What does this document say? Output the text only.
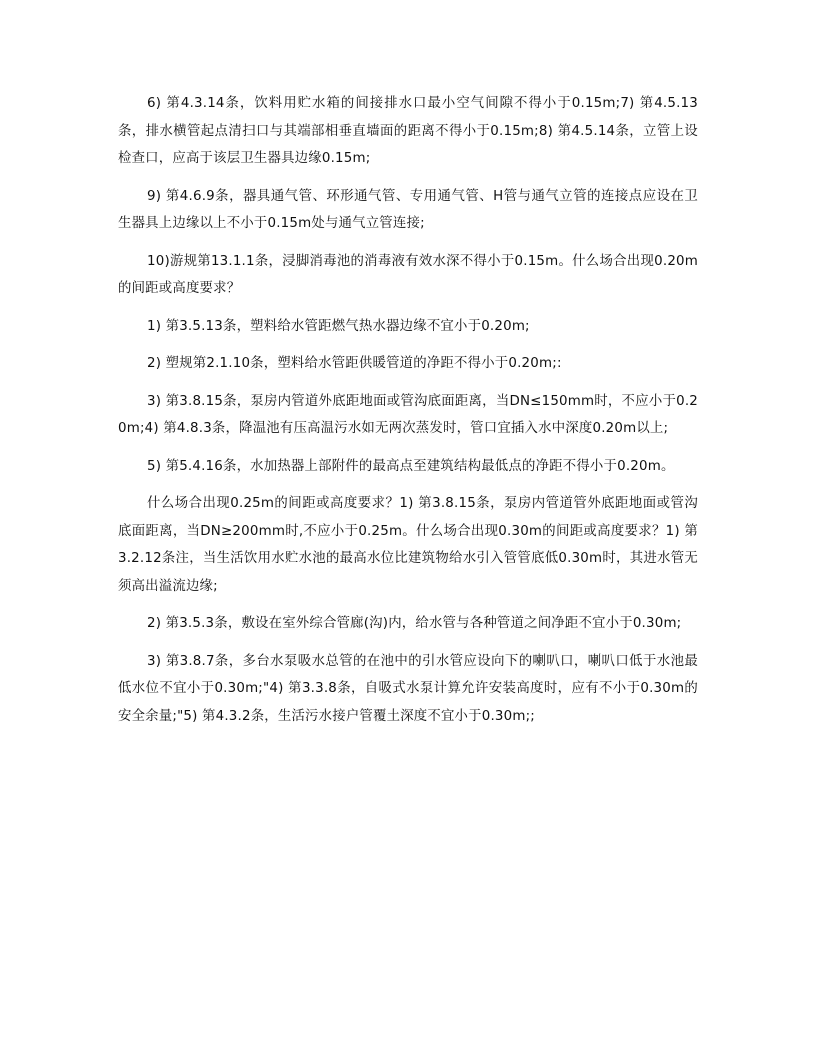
6) 第4.3.14条，饮料用贮水箱的间接排水口最小空气间隙不得小于0.15m;7) 第4.5.13条，排水横管起点清扫口与其端部相垂直墙面的距离不得小于0.15m;8) 第4.5.14条，立管上设检查口，应高于该层卫生器具边缘0.15m;

9) 第4.6.9条，器具通气管、环形通气管、专用通气管、H管与通气立管的连接点应设在卫生器具上边缘以上不小于0.15m处与通气立管连接;

10)游规第13.1.1条，浸脚消毒池的消毒液有效水深不得小于0.15m。什么场合出现0.20m的间距或高度要求？

1) 第3.5.13条，塑料给水管距燃气热水器边缘不宜小于0.20m;

2) 塑规第2.1.10条，塑料给水管距供暖管道的净距不得小于0.20m;:

3) 第3.8.15条，泵房内管道外底距地面或管沟底面距离，当DN≤150mm时，不应小于0.20m;4) 第4.8.3条，降温池有压高温污水如无两次蒸发时，管口宜插入水中深度0.20m以上;

5) 第5.4.16条，水加热器上部附件的最高点至建筑结构最低点的净距不得小于0.20m。

什么场合出现0.25m的间距或高度要求？1) 第3.8.15条，泵房内管道管外底距地面或管沟底面距离，当DN≥200mm时,不应小于0.25m。什么场合出现0.30m的间距或高度要求？1) 第3.2.12条注，当生活饮用水贮水池的最高水位比建筑物给水引入管管底低0.30m时，其进水管无须高出溢流边缘;

2) 第3.5.3条，敷设在室外综合管廊(沟)内，给水管与各种管道之间净距不宜小于0.30m;

3) 第3.8.7条，多台水泵吸水总管的在池中的引水管应设向下的喇叭口，喇叭口低于水池最低水位不宜小于0.30m;"4) 第3.3.8条，自吸式水泵计算允许安装高度时，应有不小于0.30m的安全余量;"5) 第4.3.2条，生活污水接户管覆土深度不宜小于0.30m;;
